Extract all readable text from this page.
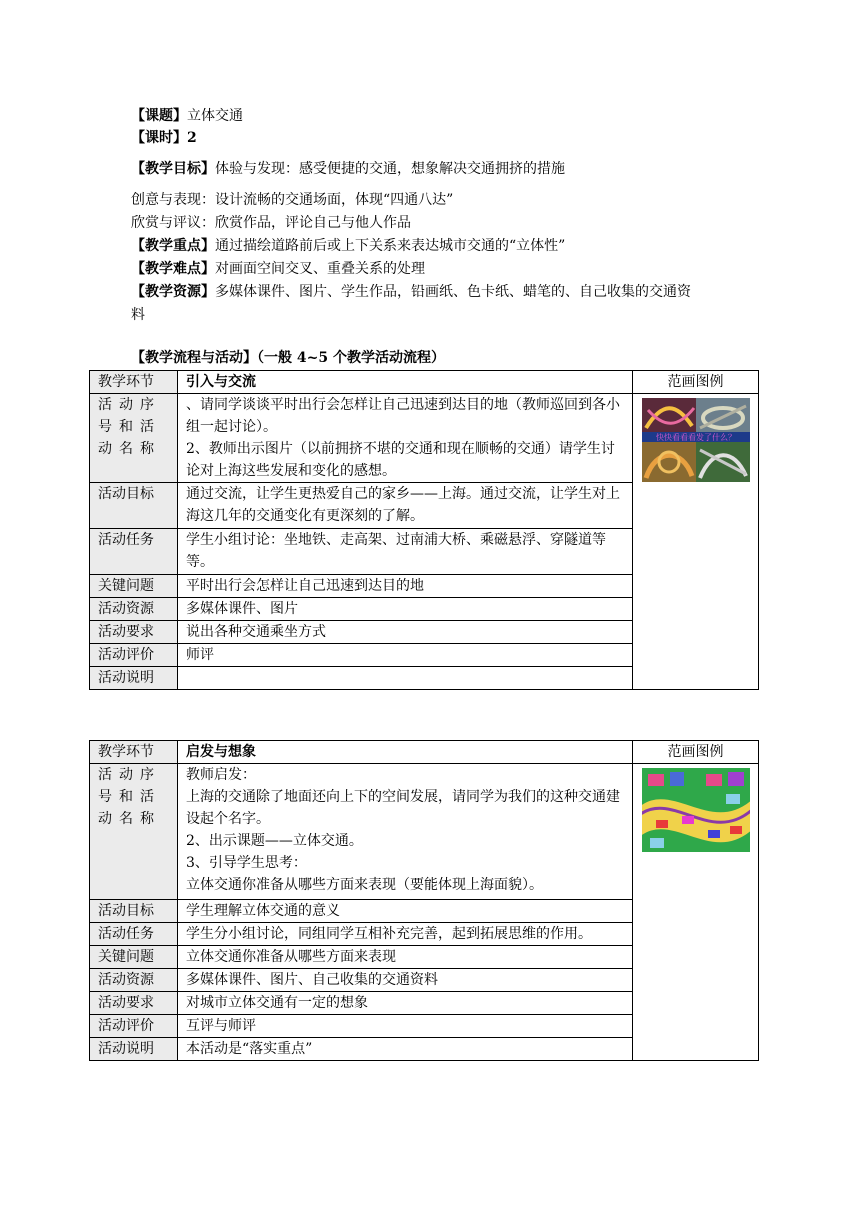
【课题】立体交通
【课时】2
【教学目标】体验与发现：感受便捷的交通，想象解决交通拥挤的措施
创意与表现：设计流畅的交通场面，体现“四通八达”
欣赏与评议：欣赏作品，评论自己与他人作品
【教学重点】通过描绘道路前后或上下关系来表达城市交通的“立体性”
【教学难点】对画面空间交叉、重叠关系的处理
【教学资源】多媒体课件、图片、学生作品，铅画纸、色卡纸、蜡笔的、自己收集的交通资
料
【教学流程与活动】（一般 4~5 个教学活动流程）
教学环节	引入与交流	范画图例
活动序号和活动名称	、请同学谈谈平时出行会怎样让自己迅速到达目的地（教师巡回到各小组一起讨论）。
2、教师出示图片（以前拥挤不堪的交通和现在顺畅的交通）请学生讨论对上海这些发展和变化的感想。	快快看看看发了什么？

活动目标	通过交流，让学生更热爱自己的家乡——上海。通过交流，让学生对上海这几年的交通变化有更深刻的了解。	
活动任务	学生小组讨论：坐地铁、走高架、过南浦大桥、乘磁悬浮、穿隧道等等。	
关键问题	平时出行会怎样让自己迅速到达目的地	
活动资源	多媒体课件、图片	
活动要求	说出各种交通乘坐方式	
活动评价	师评	
活动说明		
教学环节	启发与想象	范画图例
活动序号和活动名称	教师启发：
上海的交通除了地面还向上下的空间发展，请同学为我们的这种交通建设起个名字。
2、出示课题——立体交通。
3、引导学生思考：
立体交通你准备从哪些方面来表现（要能体现上海面貌）。

活动目标	学生理解立体交通的意义	
活动任务	学生分小组讨论，同组同学互相补充完善，起到拓展思维的作用。	
关键问题	立体交通你准备从哪些方面来表现	
活动资源	多媒体课件、图片、自己收集的交通资料	
活动要求	对城市立体交通有一定的想象	
活动评价	互评与师评	
活动说明	本活动是“落实重点”	
